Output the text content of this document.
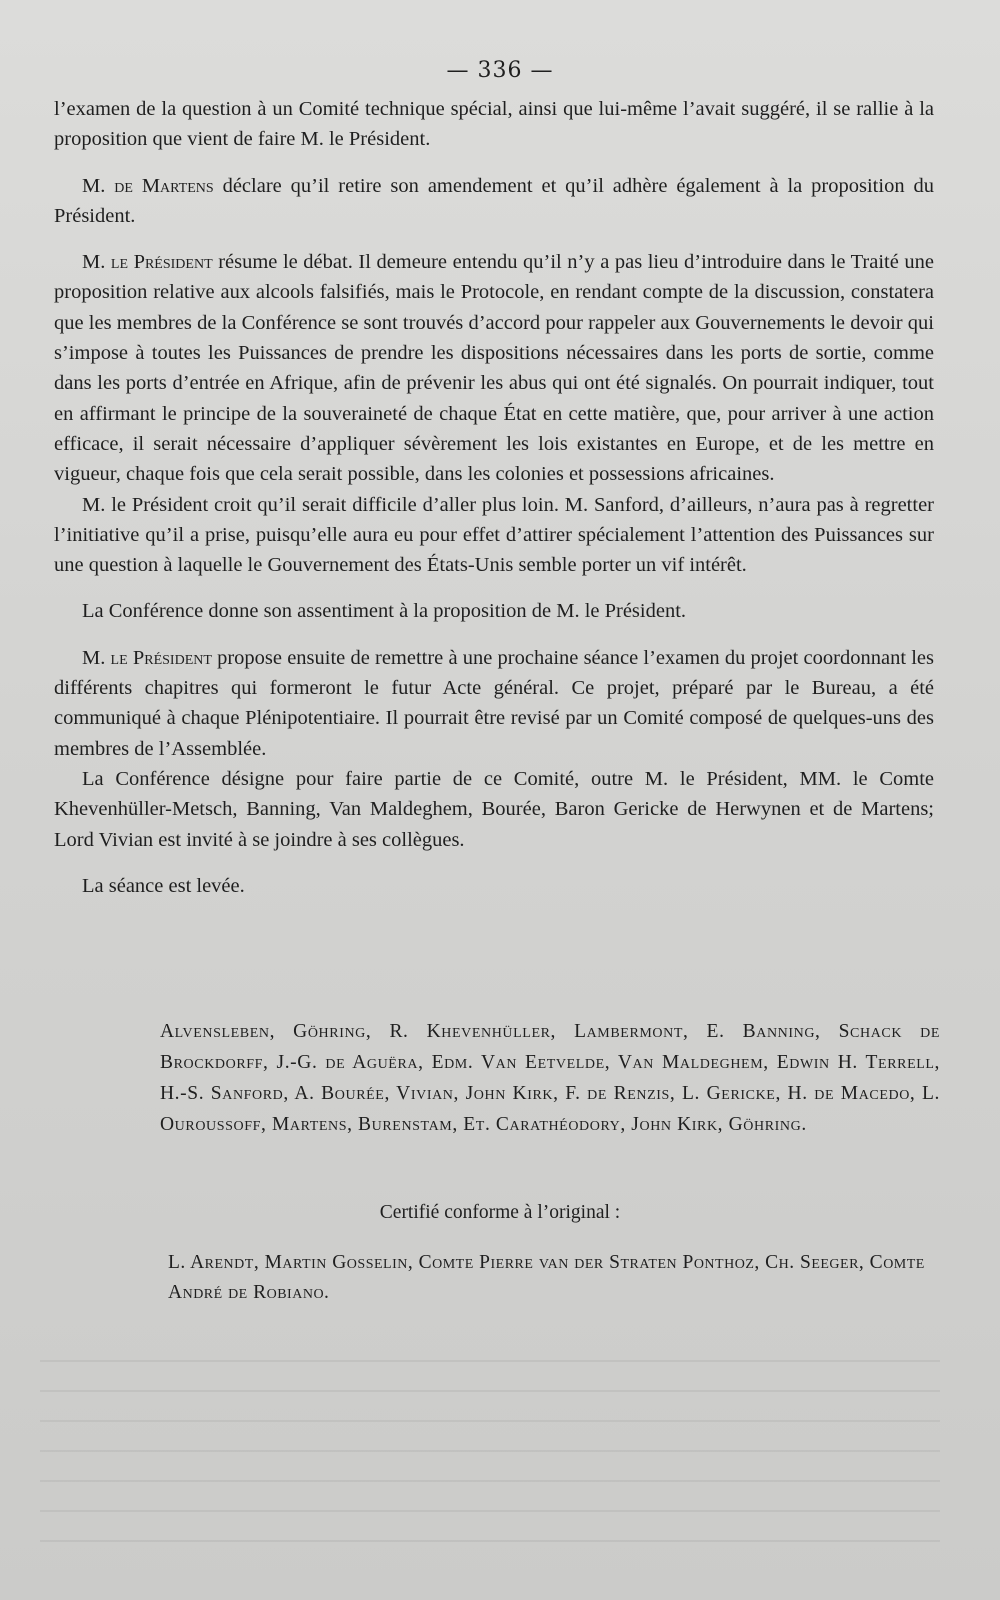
— 336 —

l’examen de la question à un Comité technique spécial, ainsi que lui-même l’avait suggéré, il se rallie à la proposition que vient de faire M. le Président.

M. de Martens déclare qu’il retire son amendement et qu’il adhère également à la proposition du Président.

M. le Président résume le débat. Il demeure entendu qu’il n’y a pas lieu d’introduire dans le Traité une proposition relative aux alcools falsifiés, mais le Protocole, en rendant compte de la discussion, constatera que les membres de la Conférence se sont trouvés d’accord pour rappeler aux Gouvernements le devoir qui s’impose à toutes les Puissances de prendre les dispositions nécessaires dans les ports de sortie, comme dans les ports d’entrée en Afrique, afin de prévenir les abus qui ont été signalés. On pourrait indiquer, tout en affirmant le principe de la souveraineté de chaque État en cette matière, que, pour arriver à une action efficace, il serait nécessaire d’appliquer sévèrement les lois existantes en Europe, et de les mettre en vigueur, chaque fois que cela serait possible, dans les colonies et possessions africaines.

M. le Président croit qu’il serait difficile d’aller plus loin. M. Sanford, d’ailleurs, n’aura pas à regretter l’initiative qu’il a prise, puisqu’elle aura eu pour effet d’attirer spécialement l’attention des Puissances sur une question à laquelle le Gouvernement des États-Unis semble porter un vif intérêt.

La Conférence donne son assentiment à la proposition de M. le Président.

M. le Président propose ensuite de remettre à une prochaine séance l’examen du projet coordonnant les différents chapitres qui formeront le futur Acte général. Ce projet, préparé par le Bureau, a été communiqué à chaque Plénipotentiaire. Il pourrait être revisé par un Comité composé de quelques-uns des membres de l’Assemblée.

La Conférence désigne pour faire partie de ce Comité, outre M. le Président, MM. le Comte Khevenhüller-Metsch, Banning, Van Maldeghem, Bourée, Baron Gericke de Herwynen et de Martens; Lord Vivian est invité à se joindre à ses collègues.

La séance est levée.

Alvensleben, Göhring, R. Khevenhüller, Lambermont, E. Banning, Schack de Brockdorff, J.-G. de Aguëra, Edm. Van Eetvelde, Van Maldeghem, Edwin H. Terrell, H.-S. Sanford, A. Bourée, Vivian, John Kirk, F. de Renzis, L. Gericke, H. de Macedo, L. Ouroussoff, Martens, Burenstam, Et. Carathéodory, John Kirk, Göhring.
Certifié conforme à l’original :
L. Arendt, Martin Gosselin, Comte Pierre van der Straten Ponthoz, Ch. Seeger, Comte André de Robiano.
